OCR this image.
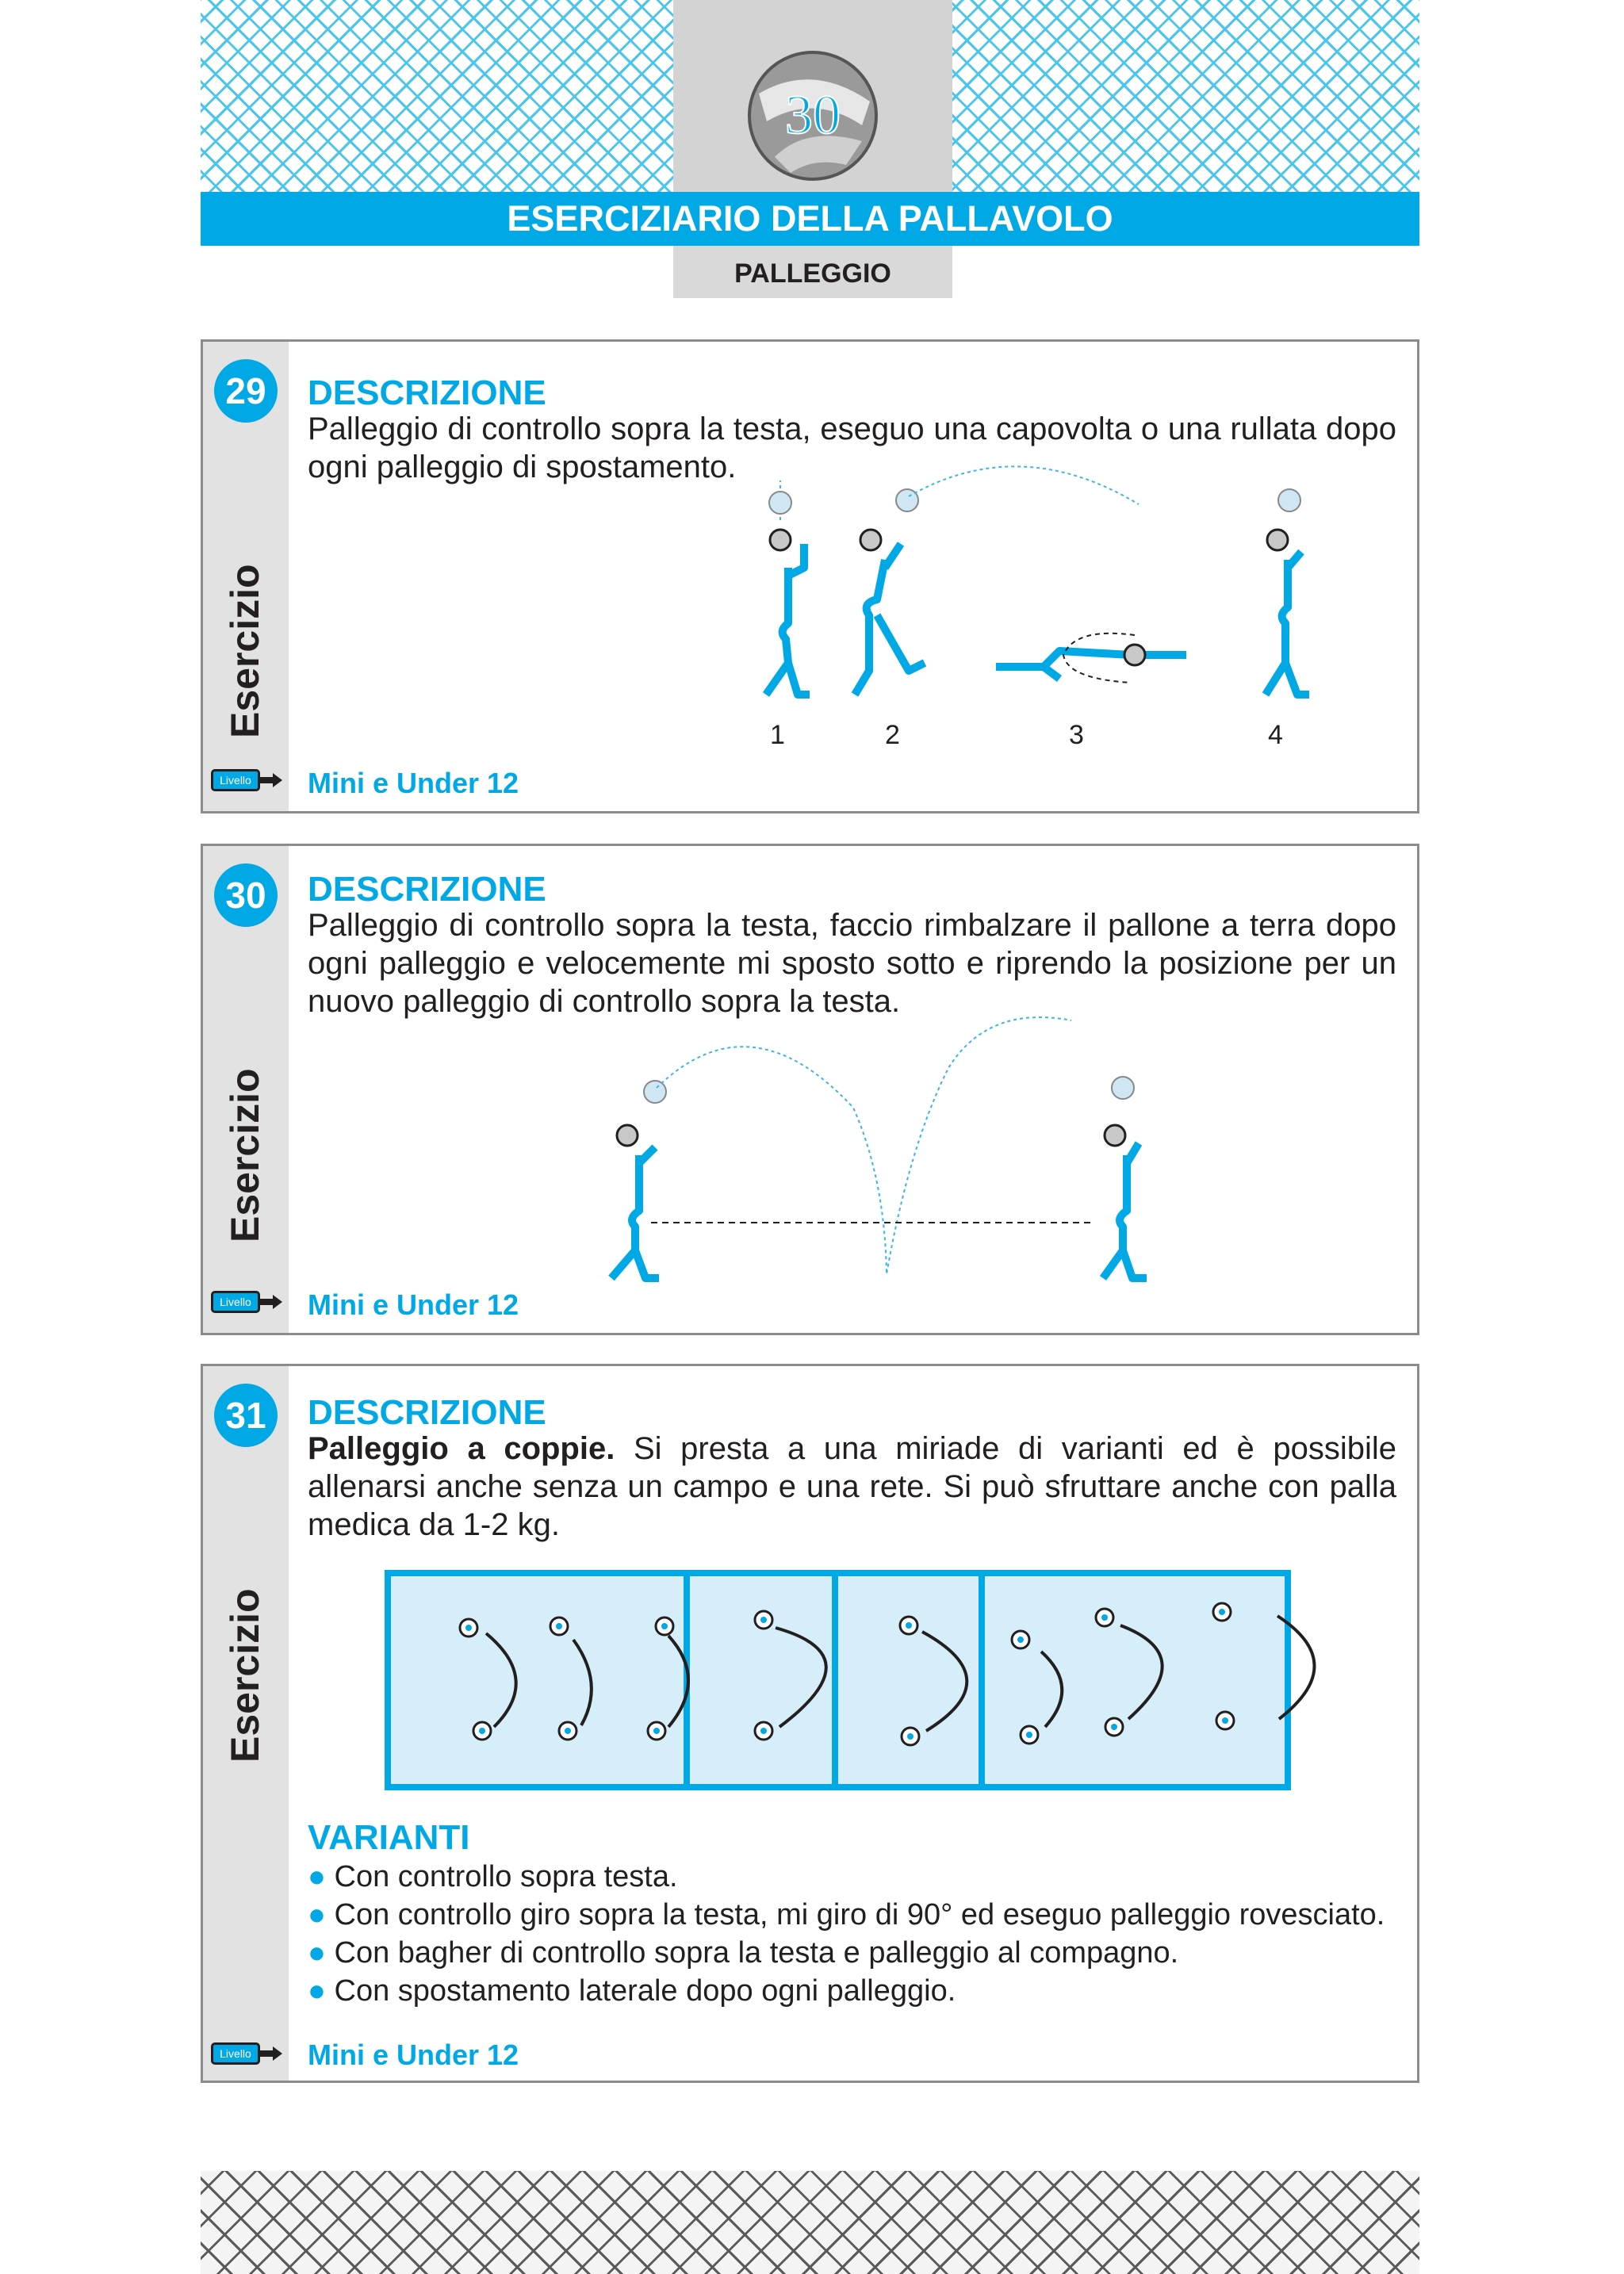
30
ESERCIZIARIO DELLA PALLAVOLO
PALLEGGIO
29
Esercizio
DESCRIZIONE
Palleggio di controllo sopra la testa, eseguo una capovolta o una rullata dopo ogni palleggio di spostamento.
1	2	3	4
Livello	Mini e Under 12
30
Esercizio
DESCRIZIONE
Palleggio di controllo sopra la testa, faccio rimbalzare il pallone a terra dopo ogni palleggio e velocemente mi sposto sotto e riprendo la posizione per un nuovo palleggio di controllo sopra la testa.
Livello	Mini e Under 12
31
Esercizio
DESCRIZIONE
Palleggio a coppie. Si presta a una miriade di varianti ed è possibile allenarsi anche senza un campo e una rete. Si può sfruttare anche con palla medica da 1-2 kg.
VARIANTI
● Con controllo sopra testa.
● Con controllo giro sopra la testa, mi giro di 90° ed eseguo palleggio rovesciato.
● Con bagher di controllo sopra la testa e palleggio al compagno.
● Con spostamento laterale dopo ogni palleggio.
Livello	Mini e Under 12
